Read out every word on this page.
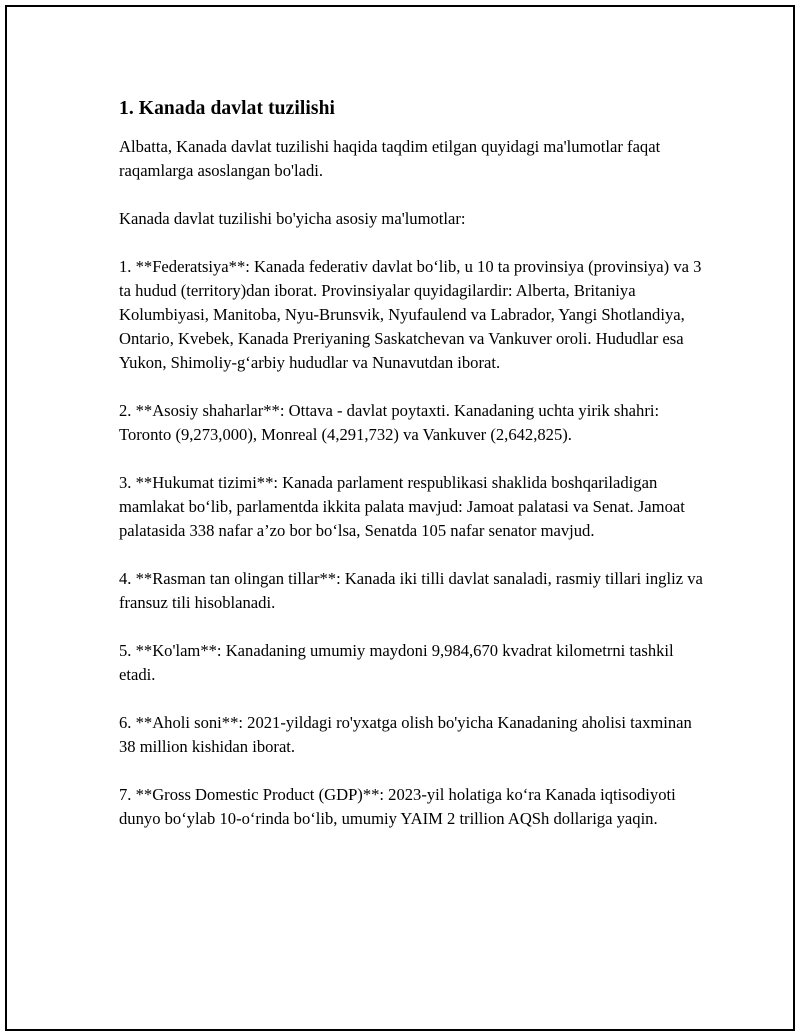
1. Kanada davlat tuzilishi

Albatta, Kanada davlat tuzilishi haqida taqdim etilgan quyidagi ma'lumotlar faqat raqamlarga asoslangan bo'ladi.

Kanada davlat tuzilishi bo'yicha asosiy ma'lumotlar:

1. **Federatsiya**: Kanada federativ davlat boʻlib, u 10 ta provinsiya (provinsiya) va 3 ta hudud (territory)dan iborat. Provinsiyalar quyidagilardir: Alberta, Britaniya Kolumbiyasi, Manitoba, Nyu-Brunsvik, Nyufaulend va Labrador, Yangi Shotlandiya, Ontario, Kvebek, Kanada Preriyaning Saskatchevan va Vankuver oroli. Hududlar esa Yukon, Shimoliy-gʻarbiy hududlar va Nunavutdan iborat.

2. **Asosiy shaharlar**: Ottava - davlat poytaxti. Kanadaning uchta yirik shahri: Toronto (9,273,000), Monreal (4,291,732) va Vankuver (2,642,825).

3. **Hukumat tizimi**: Kanada parlament respublikasi shaklida boshqariladigan mamlakat boʻlib, parlamentda ikkita palata mavjud: Jamoat palatasi va Senat. Jamoat palatasida 338 nafar a’zo bor boʻlsa, Senatda 105 nafar senator mavjud.

4. **Rasman tan olingan tillar**: Kanada iki tilli davlat sanaladi, rasmiy tillari ingliz va fransuz tili hisoblanadi.

5. **Ko'lam**: Kanadaning umumiy maydoni 9,984,670 kvadrat kilometrni tashkil etadi.

6. **Aholi soni**: 2021-yildagi ro'yxatga olish bo'yicha Kanadaning aholisi taxminan 38 million kishidan iborat.

7. **Gross Domestic Product (GDP)**: 2023-yil holatiga koʻra Kanada iqtisodiyoti dunyo boʻylab 10-oʻrinda boʻlib, umumiy YAIM 2 trillion AQSh dollariga yaqin.
